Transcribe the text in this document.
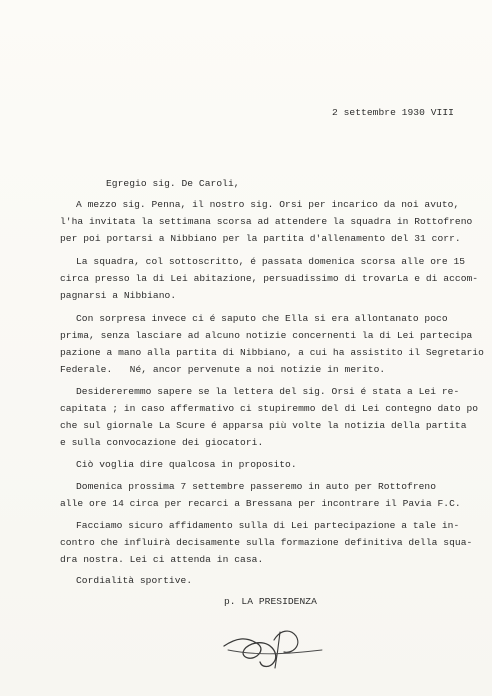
2 settembre 1930 VIII
Egregio sig. De Caroli,
A mezzo sig. Penna, il nostro sig. Orsi per incarico da noi avuto,
l'ha invitata la settimana scorsa ad attendere la squadra in Rottofreno
per poi portarsi a Nibbiano per la partita d'allenamento del 31 corr.
La squadra, col sottoscritto, é passata domenica scorsa alle ore 15
circa presso la di Lei abitazione, persuadissimo di trovarLa e di accom-
pagnarsi a Nibbiano.
Con sorpresa invece ci é saputo che Ella si era allontanato poco
prima, senza lasciare ad alcuno notizie concernenti la di Lei partecipa
pazione a mano alla partita di Nibbiano, a cui ha assistito il Segretario
Federale.   Né, ancor pervenute a noi notizie in merito.
Desidereremmo sapere se la lettera del sig. Orsi é stata a Lei re-
capitata ; in caso affermativo ci stupiremmo del di Lei contegno dato po
che sul giornale La Scure é apparsa più volte la notizia della partita
e sulla convocazione dei giocatori.
Ciò voglia dire qualcosa in proposito.
Domenica prossima 7 settembre passeremo in auto per Rottofreno
alle ore 14 circa per recarci a Bressana per incontrare il Pavia F.C.
Facciamo sicuro affidamento sulla di Lei partecipazione a tale in-
contro che influirà decisamente sulla formazione definitiva della squa-
dra nostra. Lei ci attenda in casa.
Cordialità sportive.
p. LA PRESIDENZA
